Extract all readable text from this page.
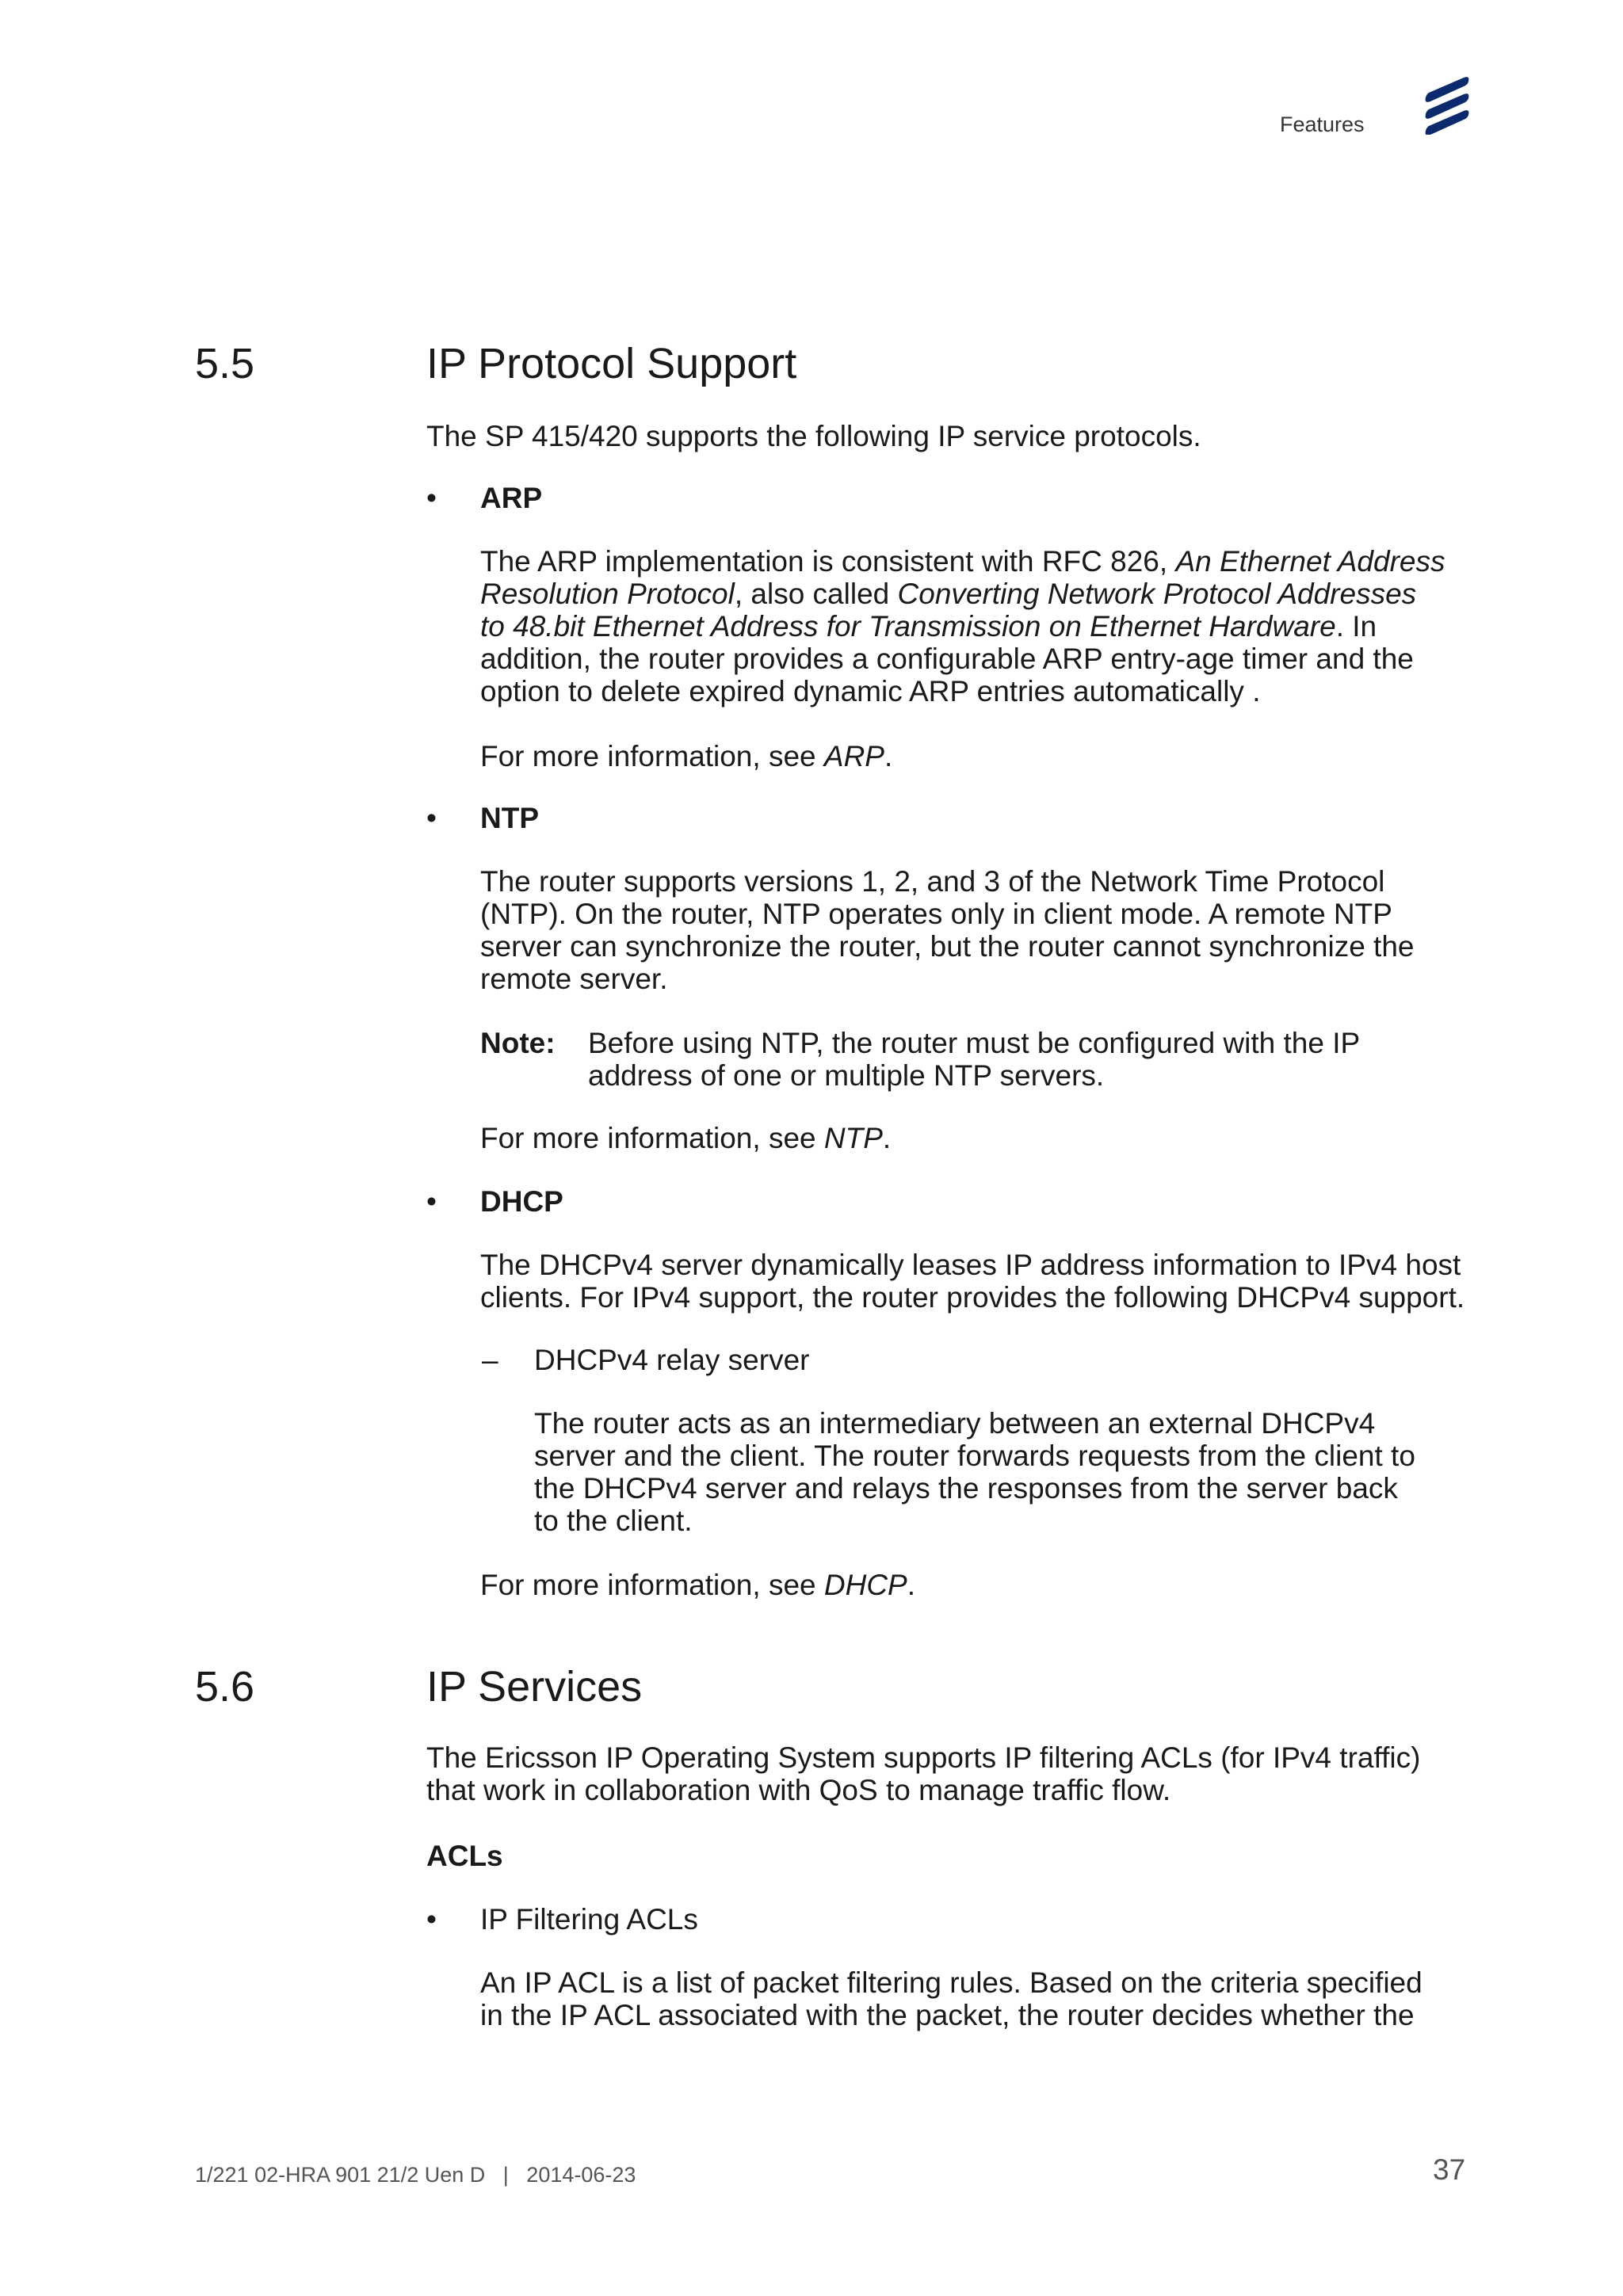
Features
5.5	IP Protocol Support
The SP 415/420 supports the following IP service protocols.
• ARP
The ARP implementation is consistent with RFC 826, An Ethernet Address
Resolution Protocol, also called Converting Network Protocol Addresses
to 48.bit Ethernet Address for Transmission on Ethernet Hardware. In
addition, the router provides a configurable ARP entry-age timer and the
option to delete expired dynamic ARP entries automatically .
For more information, see ARP.
• NTP
The router supports versions 1, 2, and 3 of the Network Time Protocol
(NTP). On the router, NTP operates only in client mode. A remote NTP
server can synchronize the router, but the router cannot synchronize the
remote server.
Note: Before using NTP, the router must be configured with the IP
address of one or multiple NTP servers.
For more information, see NTP.
• DHCP
The DHCPv4 server dynamically leases IP address information to IPv4 host
clients. For IPv4 support, the router provides the following DHCPv4 support.
– DHCPv4 relay server
The router acts as an intermediary between an external DHCPv4
server and the client. The router forwards requests from the client to
the DHCPv4 server and relays the responses from the server back
to the client.
For more information, see DHCP.
5.6	IP Services
The Ericsson IP Operating System supports IP filtering ACLs (for IPv4 traffic)
that work in collaboration with QoS to manage traffic flow.
ACLs
• IP Filtering ACLs
An IP ACL is a list of packet filtering rules. Based on the criteria specified
in the IP ACL associated with the packet, the router decides whether the
1/221 02-HRA 901 21/2 Uen D | 2014-06-23	37
